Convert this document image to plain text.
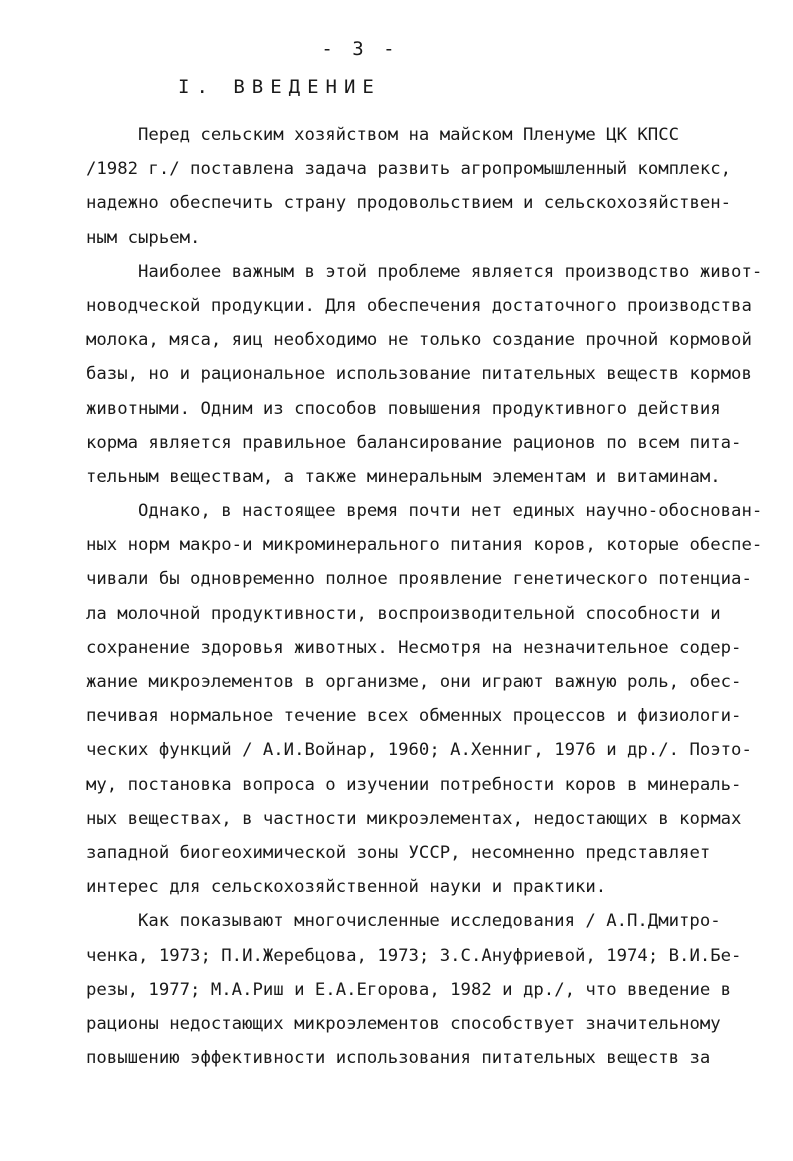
- 3 -
I. ВВЕДЕНИЕ
Перед сельским хозяйством на майском Пленуме ЦК КПСС
/1982 г./ поставлена задача развить агропромышленный комплекс,
надежно обеспечить страну продовольствием и сельскохозяйствен-
ным сырьем.
Наиболее важным в этой проблеме является производство живот-
новодческой продукции. Для обеспечения достаточного производства
молока, мяса, яиц необходимо не только создание прочной кормовой
базы, но и рациональное использование питательных веществ кормов
животными. Одним из способов повышения продуктивного действия
корма является правильное балансирование рационов по всем пита-
тельным веществам, а также минеральным элементам и витаминам.
Однако, в настоящее время почти нет единых научно-обоснован-
ных норм макро-и микроминерального питания коров, которые обеспе-
чивали бы одновременно полное проявление генетического потенциа-
ла молочной продуктивности, воспроизводительной способности и
сохранение здоровья животных. Несмотря на незначительное содер-
жание микроэлементов в организме, они играют важную роль, обес-
печивая нормальное течение всех обменных процессов и физиологи-
ческих функций / А.И.Войнар, 1960; А.Хенниг, 1976 и др./. Поэто-
му, постановка вопроса о изучении потребности коров в минераль-
ных веществах, в частности микроэлементах, недостающих в кормах
западной биогеохимической зоны УССР, несомненно представляет
интерес для сельскохозяйственной науки и практики.
Как показывают многочисленные исследования / А.П.Дмитро-
ченка, 1973; П.И.Жеребцова, 1973; З.С.Ануфриевой, 1974; В.И.Бе-
резы, 1977; М.А.Риш и Е.А.Егорова, 1982 и др./, что введение в
рационы недостающих микроэлементов способствует значительному
повышению эффективности использования питательных веществ за
